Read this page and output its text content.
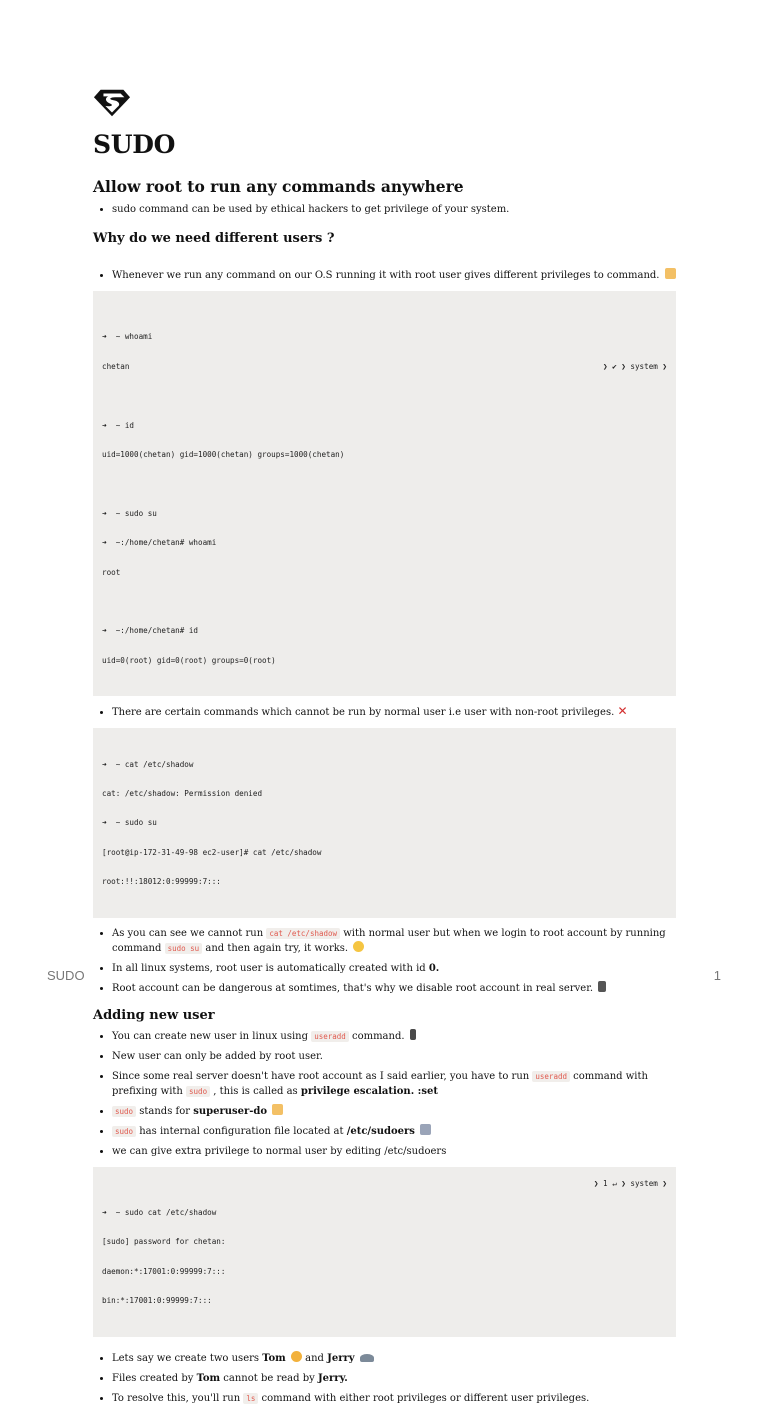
SUDO
Allow root to run any commands anywhere
• sudo command can be used by ethical hackers to get privilege of your system.
Why do we need different users ?
• Whenever we run any command on our O.S running it with root user gives different privileges to command.

❯ ✔ ❯ system ❯

➜  ~ whoami

chetan

➜  ~ id

uid=1000(chetan) gid=1000(chetan) groups=1000(chetan)

➜  ~ sudo su

➜  ~:/home/chetan# whoami

root

➜  ~:/home/chetan# id

uid=0(root) gid=0(root) groups=0(root)

• There are certain commands which cannot be run by normal user i.e user with non-root privileges. ✕

➜  ~ cat /etc/shadow

cat: /etc/shadow: Permission denied

➜  ~ sudo su

[root@ip-172-31-49-98 ec2-user]# cat /etc/shadow

root:!!:18012:0:99999:7:::

• As you can see we cannot run cat /etc/shadow with normal user but when we login to root account by running command sudo su and then again try, it works.
• In all linux systems, root user is automatically created with id 0.
• Root account can be dangerous at somtimes, that's why we disable root account in real server.
Adding new user
• You can create new user in linux using useradd command.
• New user can only be added by root user.
• Since some real server doesn't have root account as I said earlier, you have to run useradd command with prefixing with sudo , this is called as privilege escalation. :set
• sudo stands for superuser-do
• sudo has internal configuration file located at /etc/sudoers
• we can give extra privilege to normal user by editing /etc/sudoers

❯ 1 ↵ ❯ system ❯

➜  ~ sudo cat /etc/shadow

[sudo] password for chetan:

daemon:*:17001:0:99999:7:::

bin:*:17001:0:99999:7:::

• Lets say we create two users Tom  and Jerry
• Files created by Tom cannot be read by Jerry.
• To resolve this, you'll run ls command with either root privileges or different user privileges.
SUDO	1
